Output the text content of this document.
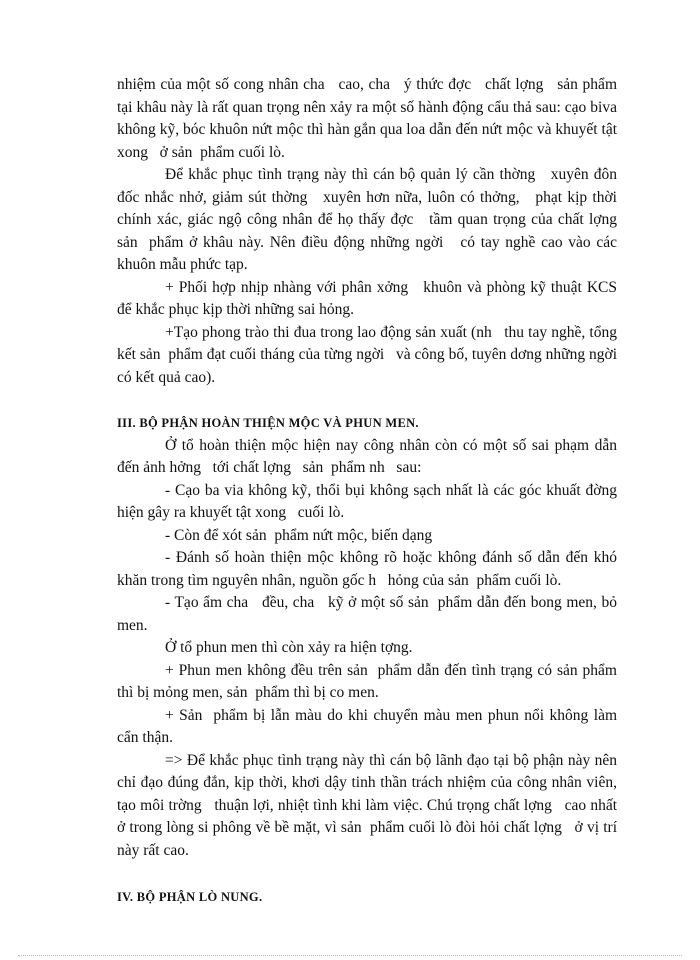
nhiệm của một số cong nhân cha   cao, cha   ý thức đợc   chất lợng   sản phẩm tại khâu này là rất quan trọng nên xảy ra một số hành động cẩu thả sau: cạo biva không kỹ, bóc khuôn nứt mộc thì hàn gắn qua loa dẫn đến nứt mộc và khuyết tật xong   ở sản  phẩm cuối lò.

Để khắc phục tình trạng này thì cán bộ quản lý cần thờng   xuyên đôn đốc nhắc nhở, giảm sút thờng   xuyên hơn nữa, luôn có thởng,   phạt kịp thời chính xác, giác ngộ công nhân để họ thấy đợc   tầm quan trọng của chất lợng   sản  phẩm ở khâu này. Nên điều động những ngời   có tay nghề cao vào các khuôn mẫu phức tạp.

+ Phối hợp nhịp nhàng với phân xởng   khuôn và phòng kỹ thuật KCS để khắc phục kịp thời những sai hỏng.

+Tạo phong trào thi đua trong lao động sản xuất (nh   thu tay nghề, tổng kết sản  phẩm đạt cuối tháng của từng ngời   và công bố, tuyên dơng những ngời   có kết quả cao).

III. BỘ PHẬN HOÀN THIỆN MỘC VÀ PHUN MEN.

Ở tổ hoàn thiện mộc hiện nay công nhân còn có một số sai phạm dẫn đến ảnh hởng   tới chất lợng   sản  phẩm nh   sau:

- Cạo ba via không kỹ, thổi bụi không sạch nhất là các góc khuất đờng   hiện gây ra khuyết tật xong   cuối lò.

- Còn để xót sản  phẩm nứt mộc, biến dạng

- Đánh số hoàn thiện mộc không rõ hoặc không đánh số dẫn đến khó khăn trong tìm nguyên nhân, nguồn gốc h   hỏng của sản  phẩm cuối lò.

- Tạo ẩm cha   đều, cha   kỹ ở một số sản  phẩm dẫn đến bong men, bỏ men.

Ở tổ phun men thì còn xảy ra hiện tợng.

+ Phun men không đều trên sản  phẩm dẫn đến tình trạng có sản phẩm thì bị mỏng men, sản  phẩm thì bị co men.

+ Sản  phẩm bị lẫn màu do khi chuyển màu men phun nổi không làm cẩn thận.

=> Để khắc phục tình trạng này thì cán bộ lãnh đạo tại bộ phận này nên chỉ đạo đúng đắn, kịp thời, khơi dậy tinh thần trách nhiệm của công nhân viên, tạo môi trờng   thuận lợi, nhiệt tình khi làm việc. Chú trọng chất lợng   cao nhất ở trong lòng si phông về bề mặt, vì sản  phẩm cuối lò đòi hỏi chất lợng   ở vị trí này rất cao.

IV. BỘ PHẬN LÒ NUNG.
